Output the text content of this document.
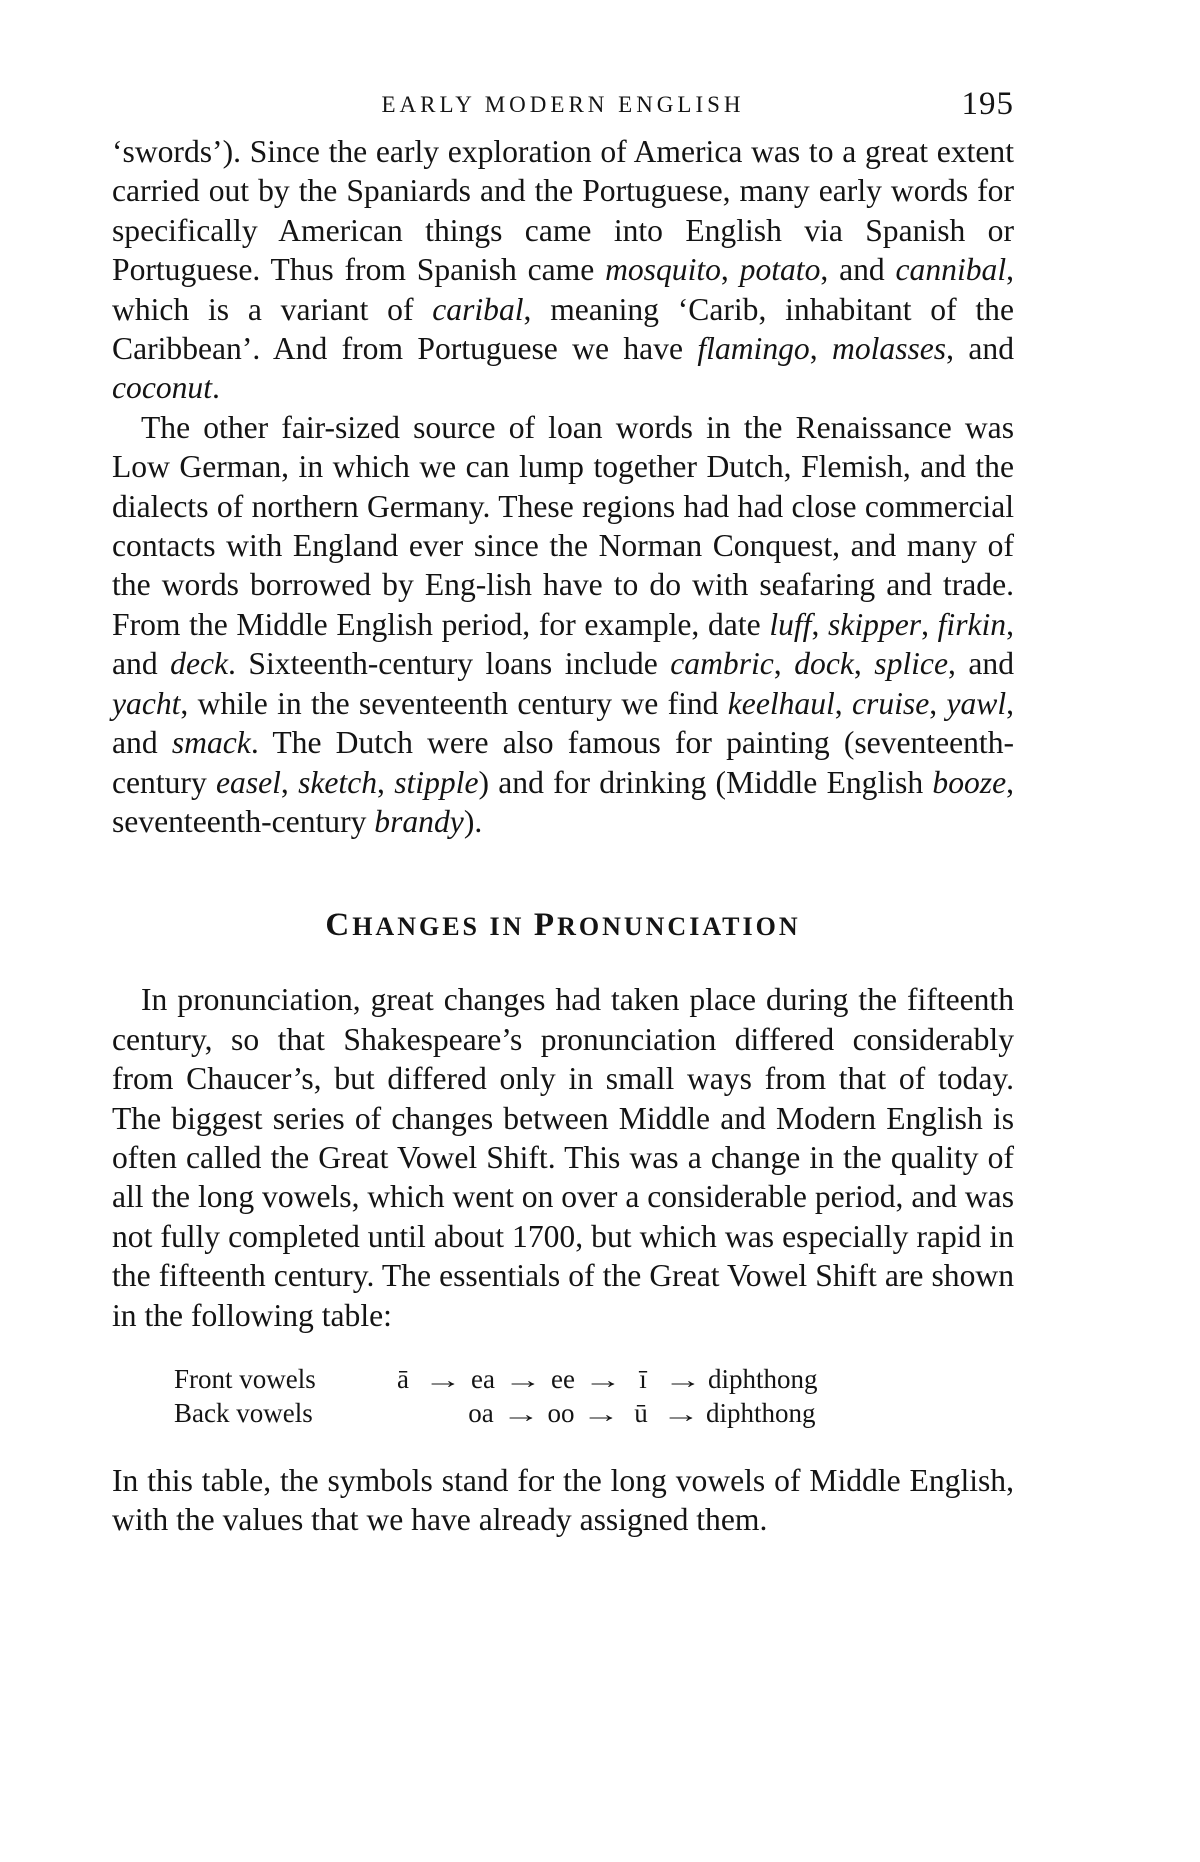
EARLY MODERN ENGLISH	195

‘swords’). Since the early exploration of America was to a great extent carried out by the Spaniards and the Portuguese, many early words for specifically American things came into English via Spanish or Portuguese. Thus from Spanish came mosquito, potato, and cannibal, which is a variant of caribal, meaning ‘Carib, inhabitant of the Caribbean’. And from Portuguese we have flamingo, molasses, and coconut.

The other fair-sized source of loan words in the Renaissance was Low German, in which we can lump together Dutch, Flemish, and the dialects of northern Germany. These regions had had close commercial contacts with England ever since the Norman Conquest, and many of the words borrowed by Eng-lish have to do with seafaring and trade. From the Middle English period, for example, date luff, skipper, firkin, and deck. Sixteenth-century loans include cambric, dock, splice, and yacht, while in the seventeenth century we find keelhaul, cruise, yawl, and smack. The Dutch were also famous for painting (seventeenth-century easel, sketch, stipple) and for drinking (Middle English booze, seventeenth-century brandy).

CHANGES IN PRONUNCIATION

In pronunciation, great changes had taken place during the fifteenth century, so that Shakespeare’s pronunciation differed considerably from Chaucer’s, but differed only in small ways from that of today. The biggest series of changes between Middle and Modern English is often called the Great Vowel Shift. This was a change in the quality of all the long vowels, which went on over a considerable period, and was not fully completed until about 1700, but which was especially rapid in the fifteenth century. The essentials of the Great Vowel Shift are shown in the following table:

Front vowels	ā → ea → ee → ī → diphthong
Back vowels	oa → oo → ū → diphthong

In this table, the symbols stand for the long vowels of Middle English, with the values that we have already assigned them.
